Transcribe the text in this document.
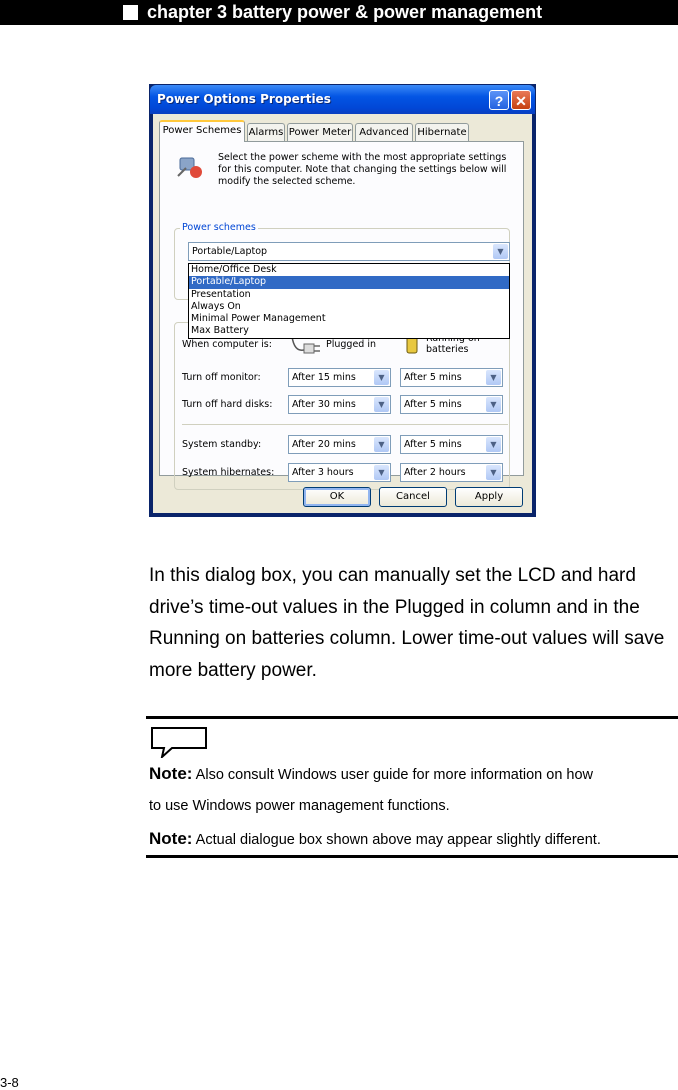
chapter 3 battery power & power management
Power Options Properties	? ✕
Power Schemes Alarms Power Meter Advanced Hibernate
Select the power scheme with the most appropriate settings for this computer. Note that changing the settings below will modify the selected scheme.
Power schemes
Portable/Laptop	▼
Home/Office Desk
Portable/Laptop
Presentation
Always On
Minimal Power Management
Max Battery
When computer is:	Plugged in	batteries
Turn off monitor:	After 15 mins	▼	After 5 mins	▼
Turn off hard disks:	After 30 mins	▼	After 5 mins	▼
System standby:	After 20 mins	▼	After 5 mins	▼
System hibernates:	After 3 hours	▼	After 2 hours	▼
OK	Cancel	Apply
In this dialog box, you can manually set the LCD and hard drive’s time-out values in the Plugged in column and in the Running on batteries column. Lower time-out values will save more battery power.
Note: Also consult Windows user guide for more information on how
to use Windows power management functions.
Note: Actual dialogue box shown above may appear slightly different.
3-8
